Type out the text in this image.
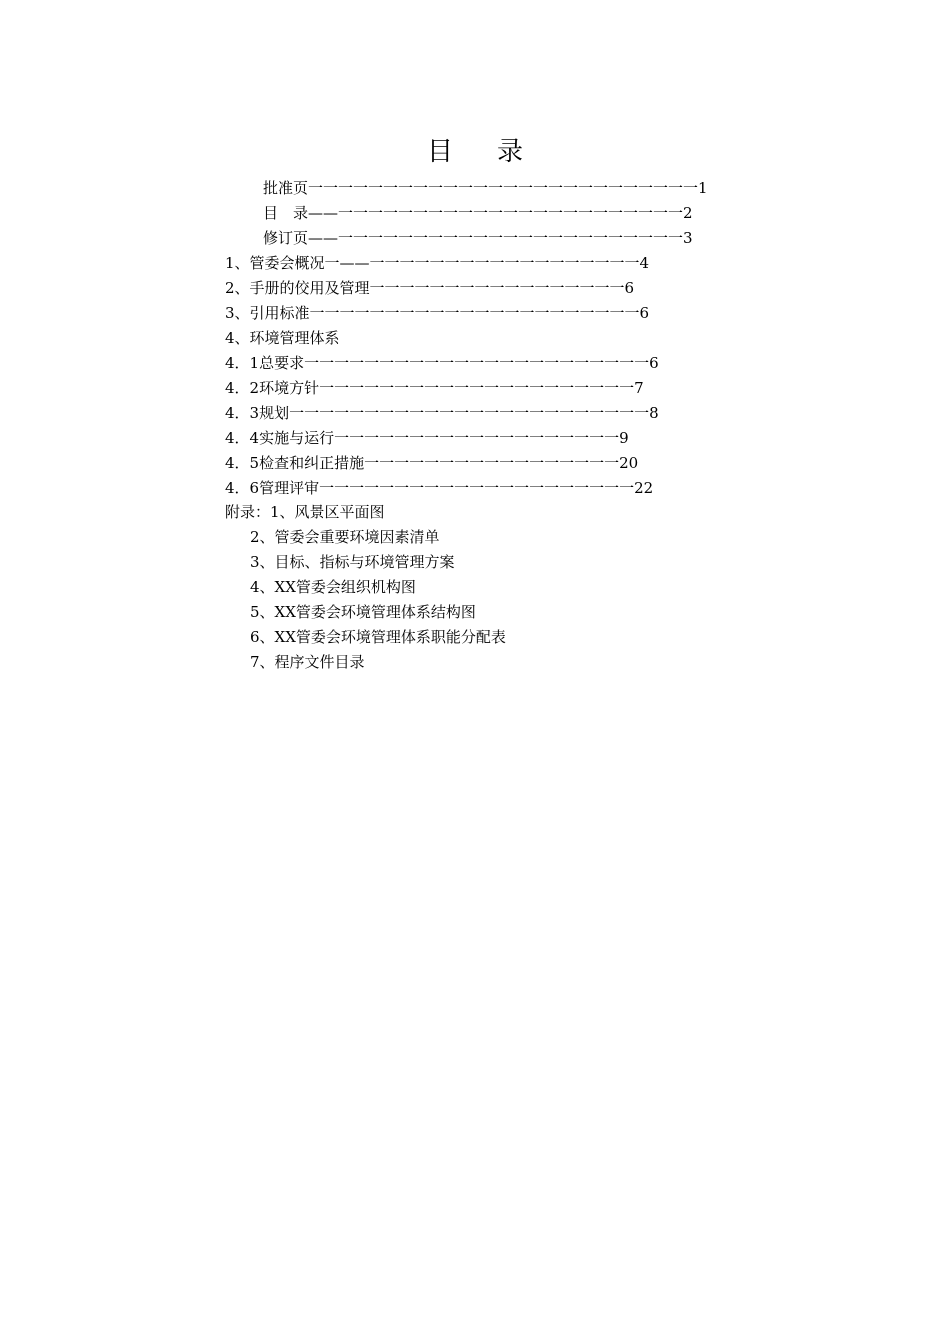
目录
批准页一一一一一一一一一一一一一一一一一一一一一一一一一一1
目　录——一一一一一一一一一一一一一一一一一一一一一一一2
修订页——一一一一一一一一一一一一一一一一一一一一一一一3
1、管委会概况一——一一一一一一一一一一一一一一一一一一4
2、手册的佼用及管理一一一一一一一一一一一一一一一一一6
3、引用标准一一一一一一一一一一一一一一一一一一一一一一6
4、环境管理体系
4．1总要求一一一一一一一一一一一一一一一一一一一一一一一6
4．2环境方针一一一一一一一一一一一一一一一一一一一一一7
4．3规划一一一一一一一一一一一一一一一一一一一一一一一一8
4．4实施与运行一一一一一一一一一一一一一一一一一一一9
4．5检查和纠正措施一一一一一一一一一一一一一一一一一20
4．6管理评审一一一一一一一一一一一一一一一一一一一一一22
附录：1、风景区平面图
2、管委会重要环境因素清单
3、目标、指标与环境管理方案
4、XX管委会组织机构图
5、XX管委会环境管理体系结构图
6、XX管委会环境管理体系职能分配表
7、程序文件目录
